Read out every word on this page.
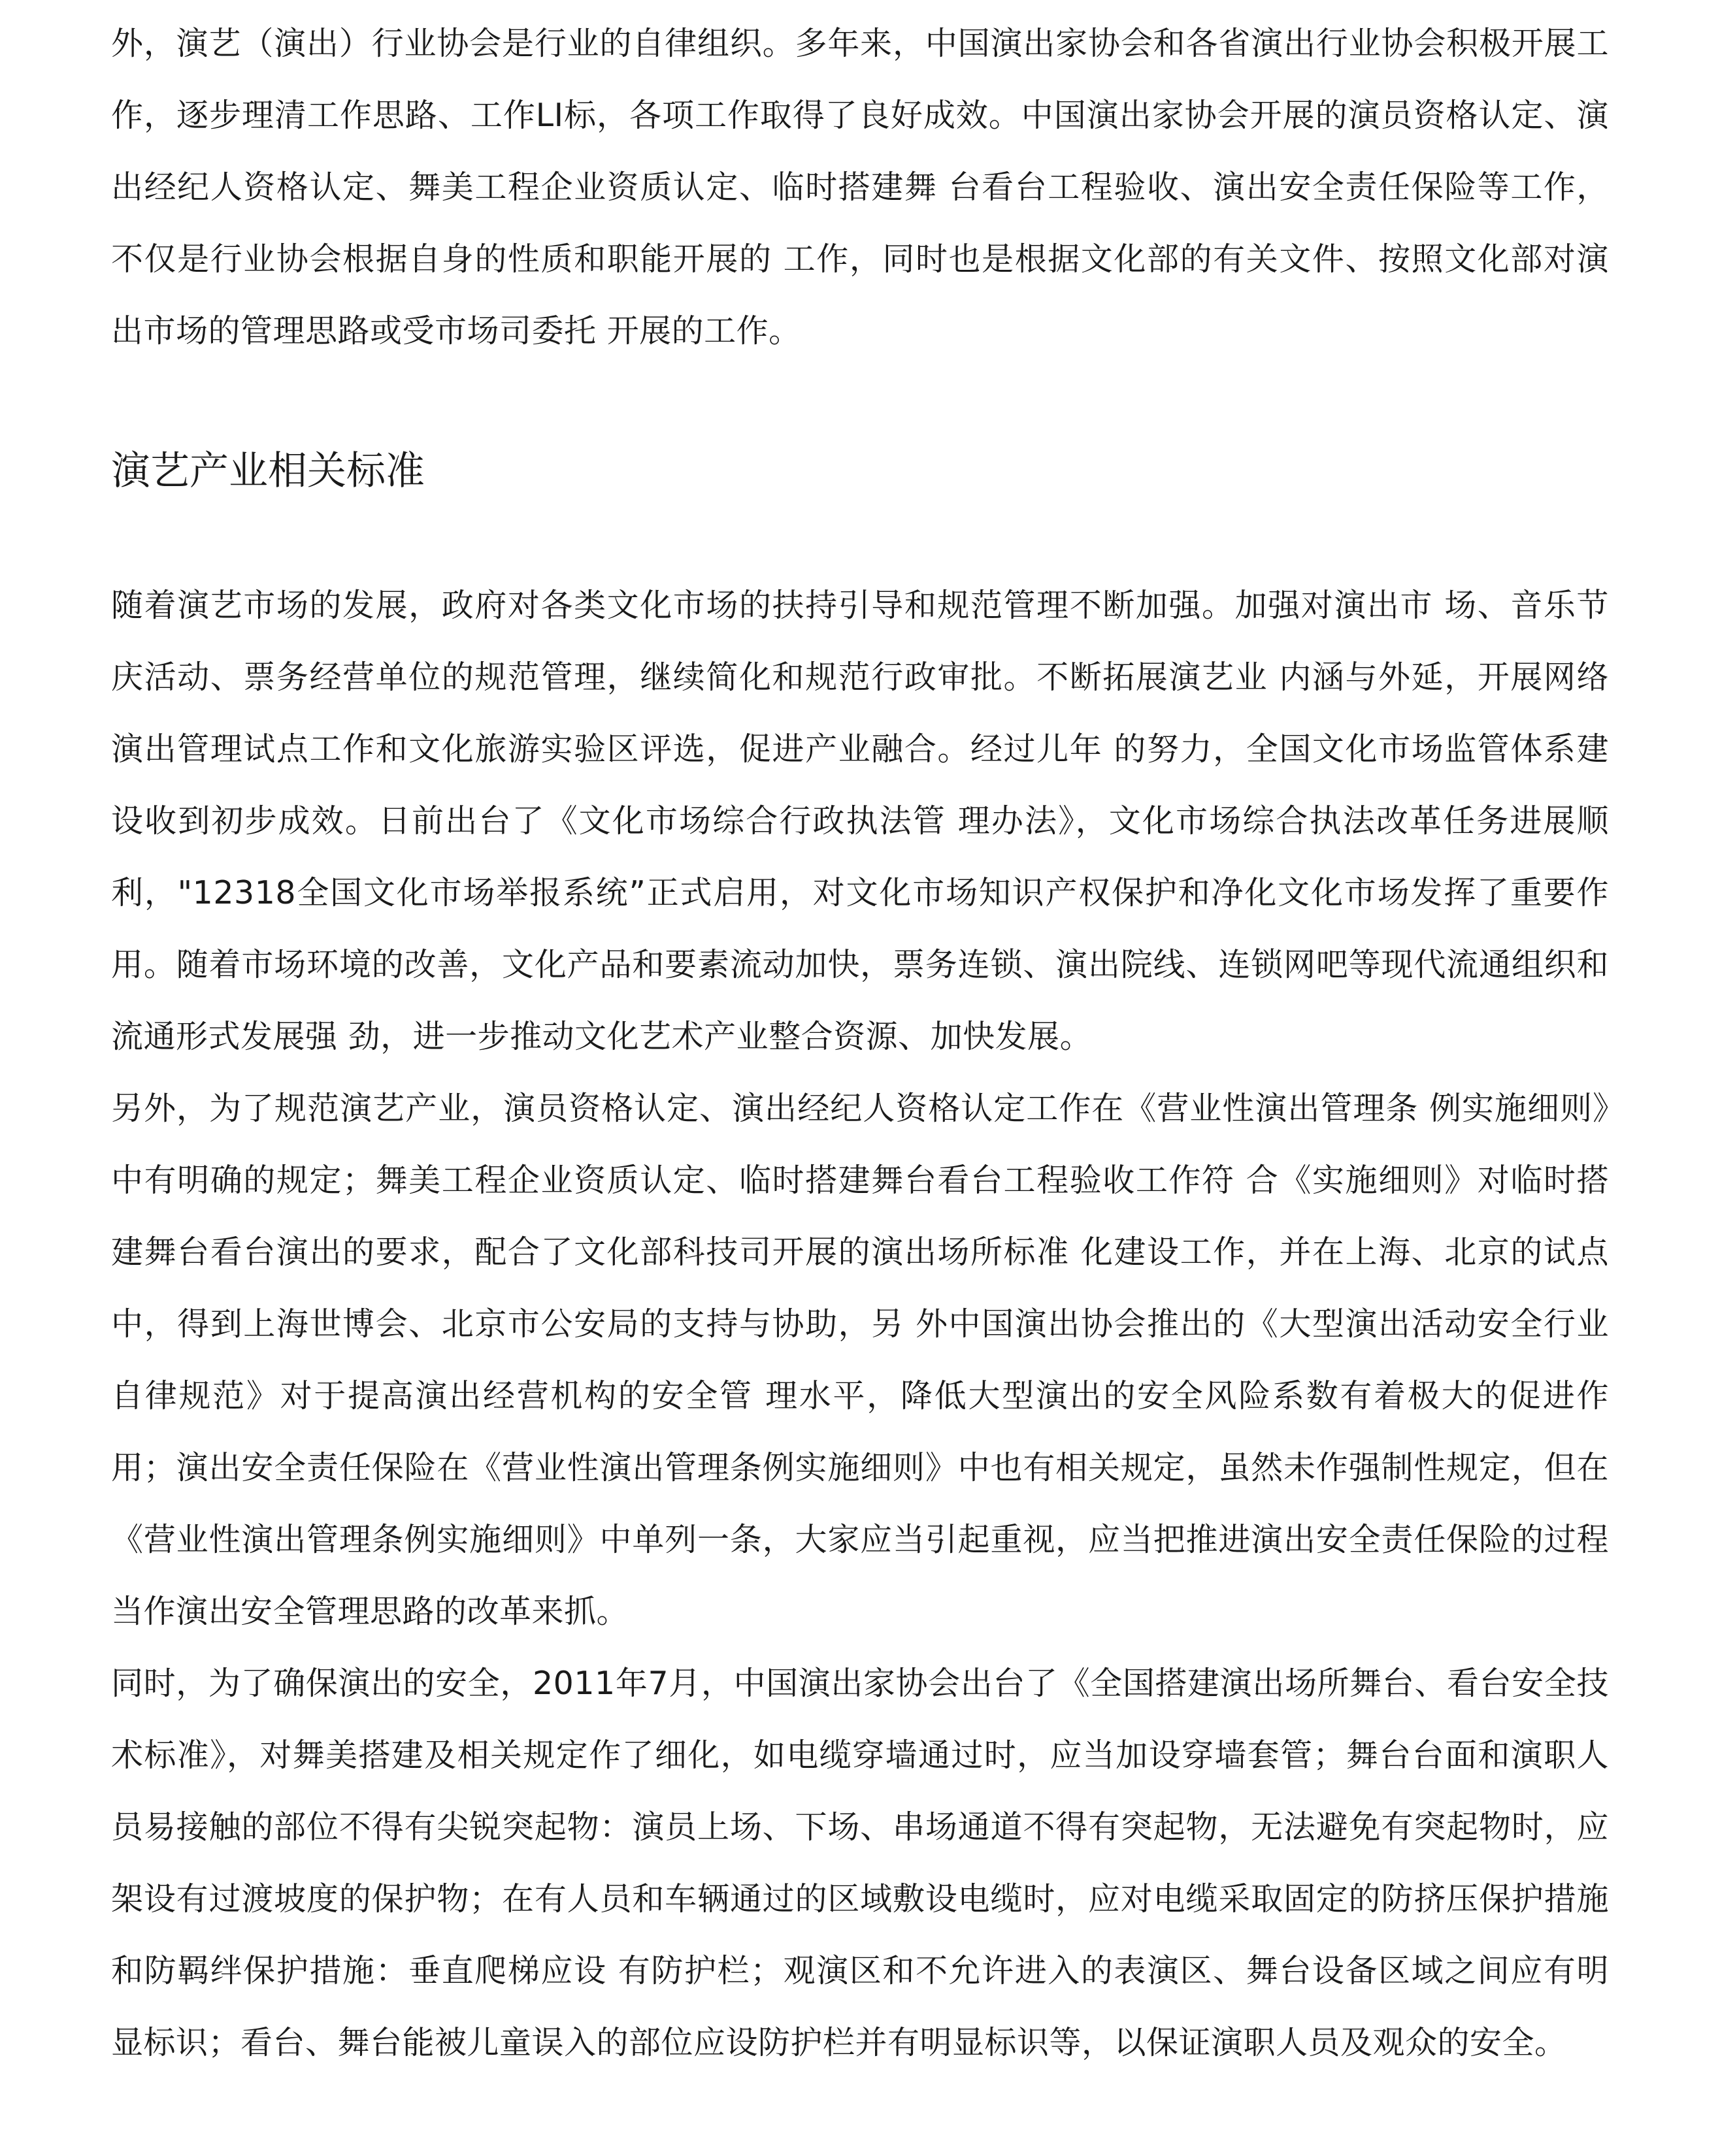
外，演艺（演出）行业协会是行业的自律组织。多年来，中国演出家协会和各省演出行业协会积极开展工作，逐步理清工作思路、工作LI标，各项工作取得了良好成效。中国演出家协会开展的演员资格认定、演出经纪人资格认定、舞美工程企业资质认定、临时搭建舞 台看台工程验收、演出安全责任保险等工作，不仅是行业协会根据自身的性质和职能开展的 工作，同时也是根据文化部的有关文件、按照文化部对演出市场的管理思路或受市场司委托 开展的工作。

演艺产业相关标准

随着演艺市场的发展，政府对各类文化市场的扶持引导和规范管理不断加强。加强对演出市 场、音乐节庆活动、票务经营单位的规范管理，继续简化和规范行政审批。不断拓展演艺业 内涵与外延，开展网络演出管理试点工作和文化旅游实验区评选，促进产业融合。经过儿年 的努力，全国文化市场监管体系建设收到初步成效。日前出台了《文化市场综合行政执法管 理办法》，文化市场综合执法改革任务进展顺利，"12318全国文化市场举报系统”正式启用，对文化市场知识产权保护和净化文化市场发挥了重要作用。随着市场环境的改善，文化产品和要素流动加快，票务连锁、演出院线、连锁网吧等现代流通组织和流通形式发展强 劲，进一步推动文化艺术产业整合资源、加快发展。

另外，为了规范演艺产业，演员资格认定、演出经纪人资格认定工作在《营业性演出管理条 例实施细则》中有明确的规定；舞美工程企业资质认定、临时搭建舞台看台工程验收工作符 合《实施细则》对临时搭建舞台看台演出的要求，配合了文化部科技司开展的演出场所标准 化建设工作，并在上海、北京的试点中，得到上海世博会、北京市公安局的支持与协助，另 外中国演出协会推出的《大型演出活动安全行业自律规范》对于提高演出经营机构的安全管 理水平，降低大型演出的安全风险系数有着极大的促进作用；演出安全责任保险在《营业性演出管理条例实施细则》中也有相关规定，虽然未作强制性规定，但在《营业性演出管理条例实施细则》中单列一条，大家应当引起重视，应当把推进演出安全责任保险的过程当作演出安全管理思路的改革来抓。

同时，为了确保演出的安全，2011年7月，中国演出家协会出台了《全国搭建演出场所舞台、看台安全技术标准》，对舞美搭建及相关规定作了细化，如电缆穿墙通过时，应当加设穿墙套管；舞台台面和演职人员易接触的部位不得有尖锐突起物：演员上场、下场、串场通道不得有突起物，无法避免有突起物时，应架设有过渡坡度的保护物；在有人员和车辆通过的区域敷设电缆时，应对电缆采取固定的防挤压保护措施和防羁绊保护措施：垂直爬梯应设 有防护栏；观演区和不允许进入的表演区、舞台设备区域之间应有明显标识；看台、舞台能被儿童误入的部位应设防护栏并有明显标识等，以保证演职人员及观众的安全。
